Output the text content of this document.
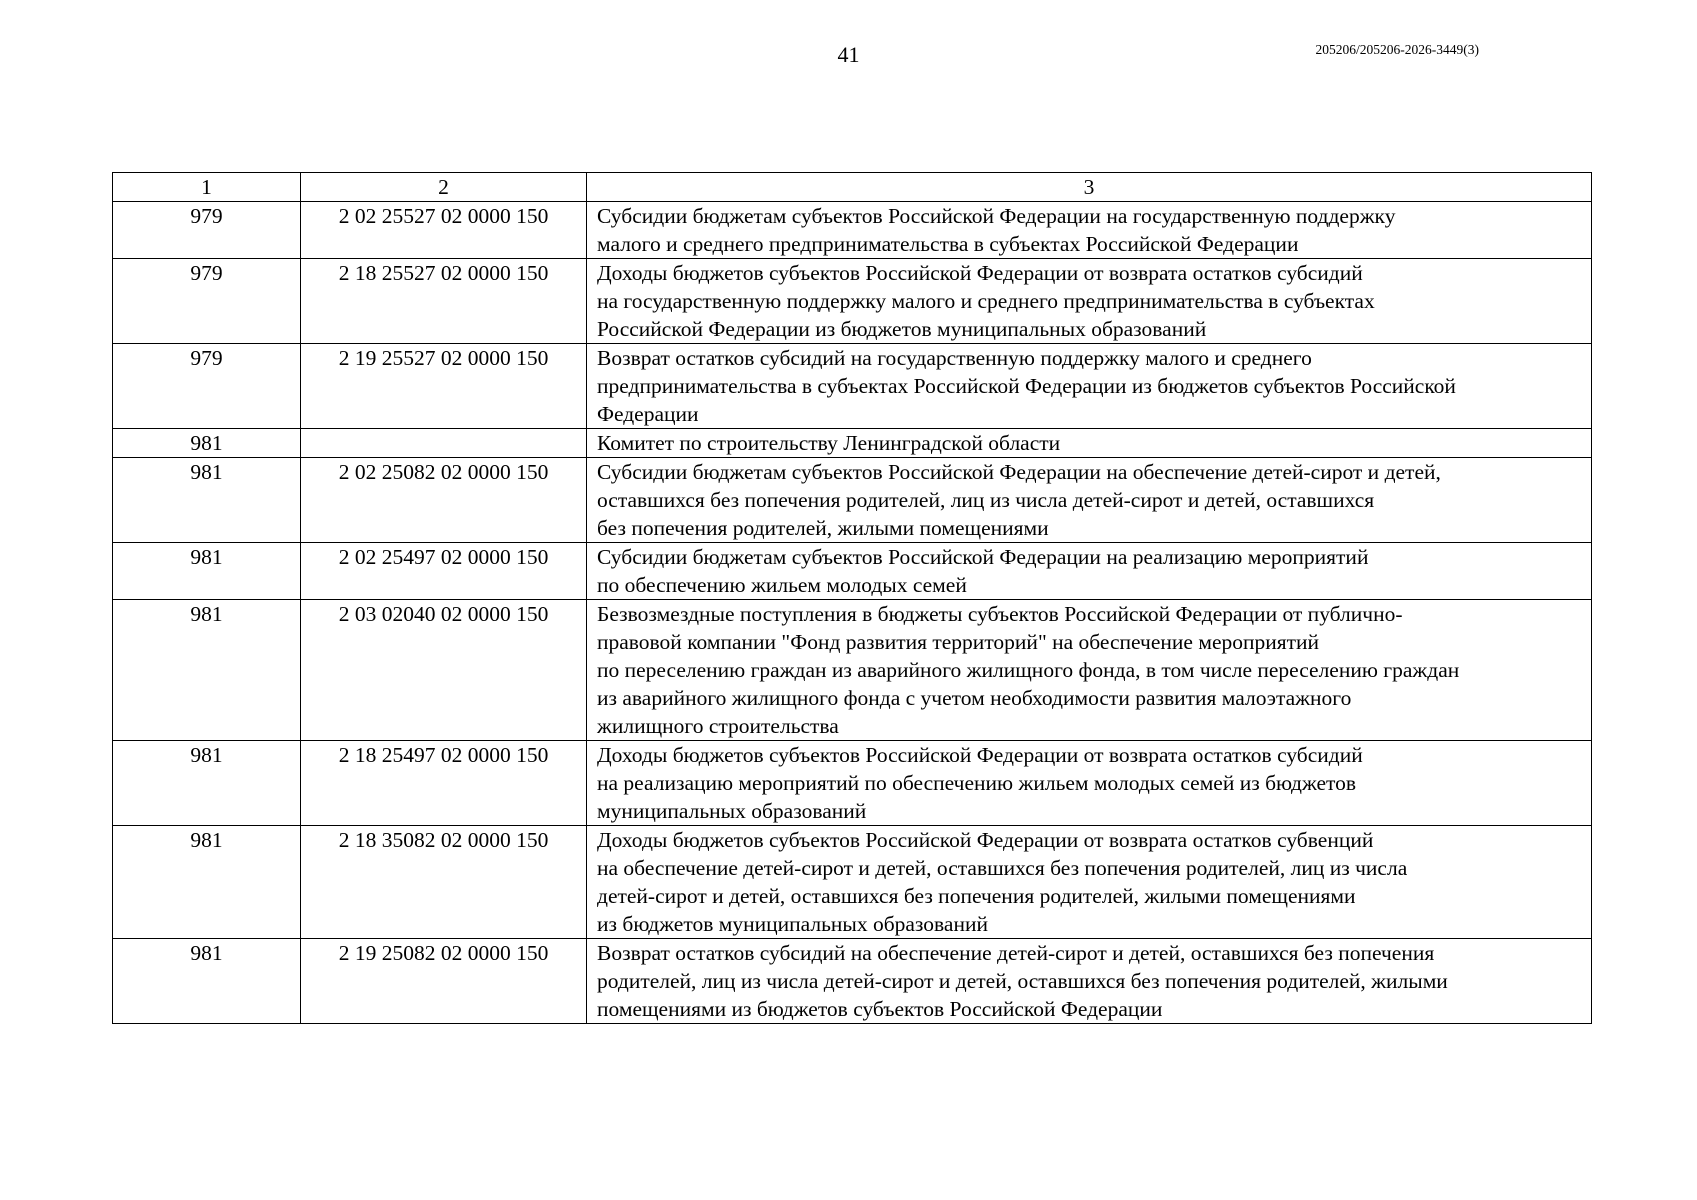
41	205206/205206-2026-3449(3)
1	2	3
979	2 02 25527 02 0000 150	Субсидии бюджетам субъектов Российской Федерации на государственную поддержку
малого и среднего предпринимательства в субъектах Российской Федерации

979	2 18 25527 02 0000 150	Доходы бюджетов субъектов Российской Федерации от возврата остатков субсидий
на государственную поддержку малого и среднего предпринимательства в субъектах
Российской Федерации из бюджетов муниципальных образований

979	2 19 25527 02 0000 150	Возврат остатков субсидий на государственную поддержку малого и среднего
предпринимательства в субъектах Российской Федерации из бюджетов субъектов Российской
Федерации

981		Комитет по строительству Ленинградской области

981	2 02 25082 02 0000 150	Субсидии бюджетам субъектов Российской Федерации на обеспечение детей-сирот и детей,
оставшихся без попечения родителей, лиц из числа детей-сирот и детей, оставшихся
без попечения родителей, жилыми помещениями

981	2 02 25497 02 0000 150	Субсидии бюджетам субъектов Российской Федерации на реализацию мероприятий
по обеспечению жильем молодых семей

981	2 03 02040 02 0000 150	Безвозмездные поступления в бюджеты субъектов Российской Федерации от публично-
правовой компании "Фонд развития территорий" на обеспечение мероприятий
по переселению граждан из аварийного жилищного фонда, в том числе переселению граждан
из аварийного жилищного фонда с учетом необходимости развития малоэтажного
жилищного строительства

981	2 18 25497 02 0000 150	Доходы бюджетов субъектов Российской Федерации от возврата остатков субсидий
на реализацию мероприятий по обеспечению жильем молодых семей из бюджетов
муниципальных образований

981	2 18 35082 02 0000 150	Доходы бюджетов субъектов Российской Федерации от возврата остатков субвенций
на обеспечение детей-сирот и детей, оставшихся без попечения родителей, лиц из числа
детей-сирот и детей, оставшихся без попечения родителей, жилыми помещениями
из бюджетов муниципальных образований

981	2 19 25082 02 0000 150	Возврат остатков субсидий на обеспечение детей-сирот и детей, оставшихся без попечения
родителей, лиц из числа детей-сирот и детей, оставшихся без попечения родителей, жилыми
помещениями из бюджетов субъектов Российской Федерации
